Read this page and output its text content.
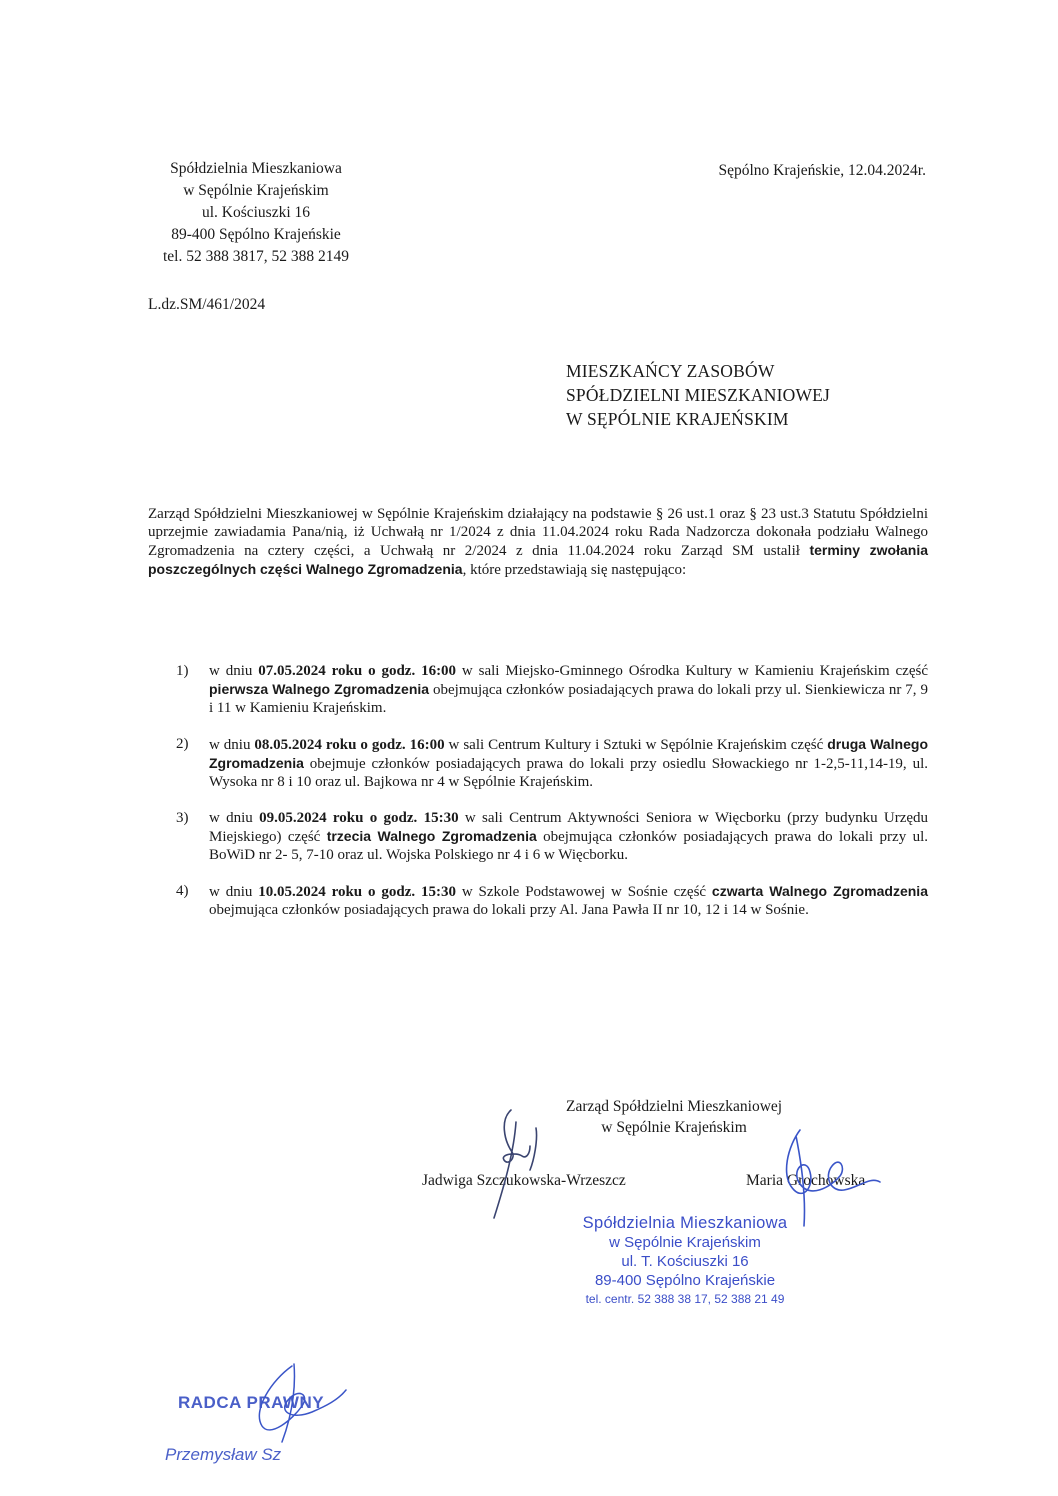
Spółdzielnia Mieszkaniowa
w Sępólnie Krajeńskim
ul. Kościuszki 16
89-400 Sępólno Krajeńskie
tel. 52 388 3817, 52 388 2149
Sępólno Krajeńskie, 12.04.2024r.
L.dz.SM/461/2024
MIESZKAŃCY ZASOBÓW
SPÓŁDZIELNI MIESZKANIOWEJ
W SĘPÓLNIE KRAJEŃSKIM
Zarząd Spółdzielni Mieszkaniowej w Sępólnie Krajeńskim działający na podstawie § 26 ust.1 oraz § 23 ust.3 Statutu Spółdzielni uprzejmie zawiadamia Pana/nią, iż Uchwałą nr 1/2024 z dnia 11.04.2024 roku Rada Nadzorcza dokonała podziału Walnego Zgromadzenia na cztery części, a Uchwałą nr 2/2024 z dnia 11.04.2024 roku Zarząd SM ustalił terminy zwołania poszczególnych części Walnego Zgromadzenia, które przedstawiają się następująco:
1) w dniu 07.05.2024 roku o godz. 16:00 w sali Miejsko-Gminnego Ośrodka Kultury w Kamieniu Krajeńskim część pierwsza Walnego Zgromadzenia obejmująca członków posiadających prawa do lokali przy ul. Sienkiewicza nr 7, 9 i 11 w Kamieniu Krajeńskim.
2) w dniu 08.05.2024 roku o godz. 16:00 w sali Centrum Kultury i Sztuki w Sępólnie Krajeńskim część druga Walnego Zgromadzenia obejmuje członków posiadających prawa do lokali przy osiedlu Słowackiego nr 1-2,5-11,14-19, ul. Wysoka nr 8 i 10 oraz ul. Bajkowa nr 4 w Sępólnie Krajeńskim.
3) w dniu 09.05.2024 roku o godz. 15:30 w sali Centrum Aktywności Seniora w Więcborku (przy budynku Urzędu Miejskiego) część trzecia Walnego Zgromadzenia obejmująca członków posiadających prawa do lokali przy ul. BoWiD nr 2- 5, 7-10 oraz ul. Wojska Polskiego nr 4 i 6 w Więcborku.
4) w dniu 10.05.2024 roku o godz. 15:30 w Szkole Podstawowej w Sośnie część czwarta Walnego Zgromadzenia obejmująca członków posiadających prawa do lokali przy Al. Jana Pawła II nr 10, 12 i 14 w Sośnie.
Zarząd Spółdzielni Mieszkaniowej
w Sępólnie Krajeńskim
Jadwiga Szczukowska-Wrzeszcz	Maria Grochowska
Spółdzielnia Mieszkaniowa
w Sępólnie Krajeńskim
ul. T. Kościuszki 16
89-400 Sępólno Krajeńskie
tel. centr. 52 388 38 17, 52 388 21 49
RADCA PRAWNY
Przemysław Sz
